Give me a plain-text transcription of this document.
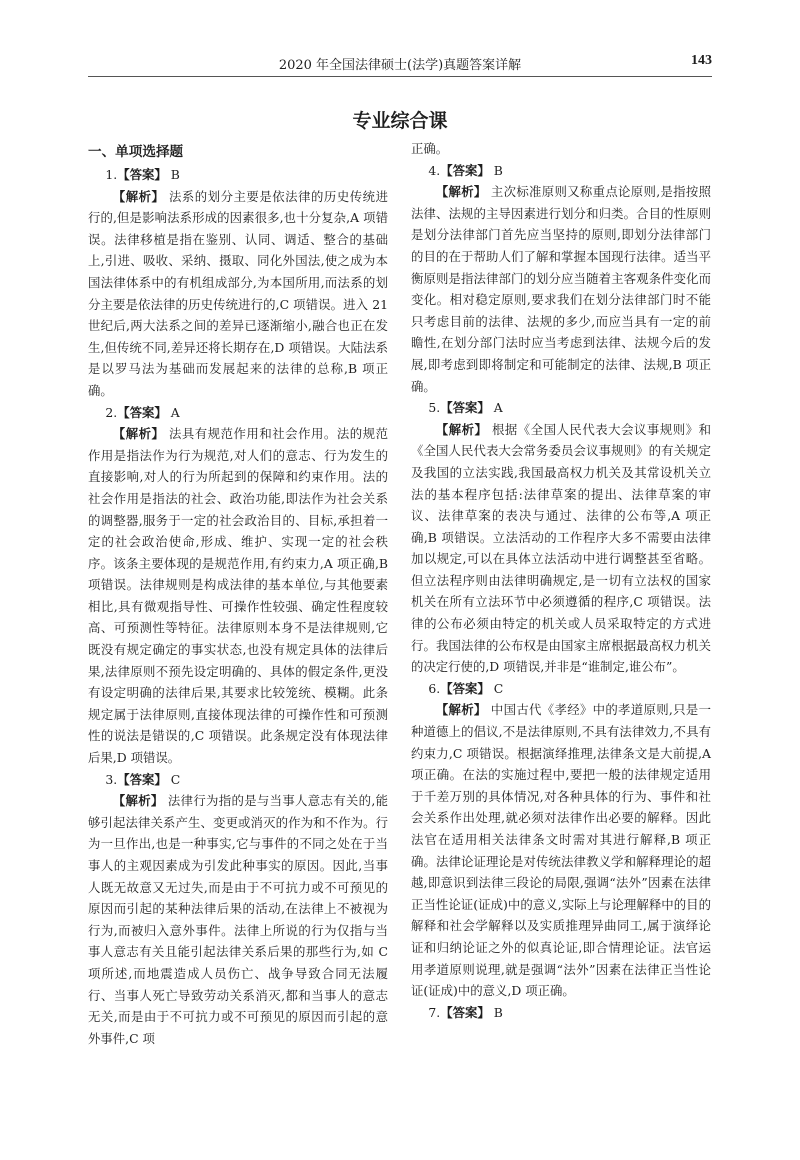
2020 年全国法律硕士(法学)真题答案详解	143
专业综合课
一、单项选择题

1.【答案】 B

【解析】 法系的划分主要是依法律的历史传统进行的,但是影响法系形成的因素很多,也十分复杂,A 项错误。法律移植是指在鉴别、认同、调适、整合的基础上,引进、吸收、采纳、摄取、同化外国法,使之成为本国法律体系中的有机组成部分,为本国所用,而法系的划分主要是依法律的历史传统进行的,C 项错误。进入 21 世纪后,两大法系之间的差异已逐渐缩小,融合也正在发生,但传统不同,差异还将长期存在,D 项错误。大陆法系是以罗马法为基础而发展起来的法律的总称,B 项正确。

2.【答案】 A

【解析】 法具有规范作用和社会作用。法的规范作用是指法作为行为规范,对人们的意志、行为发生的直接影响,对人的行为所起到的保障和约束作用。法的社会作用是指法的社会、政治功能,即法作为社会关系的调整器,服务于一定的社会政治目的、目标,承担着一定的社会政治使命,形成、维护、实现一定的社会秩序。该条主要体现的是规范作用,有约束力,A 项正确,B 项错误。法律规则是构成法律的基本单位,与其他要素相比,具有微观指导性、可操作性较强、确定性程度较高、可预测性等特征。法律原则本身不是法律规则,它既没有规定确定的事实状态,也没有规定具体的法律后果,法律原则不预先设定明确的、具体的假定条件,更没有设定明确的法律后果,其要求比较笼统、模糊。此条规定属于法律原则,直接体现法律的可操作性和可预测性的说法是错误的,C 项错误。此条规定没有体现法律后果,D 项错误。

3.【答案】 C

【解析】 法律行为指的是与当事人意志有关的,能够引起法律关系产生、变更或消灭的作为和不作为。行为一旦作出,也是一种事实,它与事件的不同之处在于当事人的主观因素成为引发此种事实的原因。因此,当事人既无故意又无过失,而是由于不可抗力或不可预见的原因而引起的某种法律后果的活动,在法律上不被视为行为,而被归入意外事件。法律上所说的行为仅指与当事人意志有关且能引起法律关系后果的那些行为,如 C 项所述,而地震造成人员伤亡、战争导致合同无法履行、当事人死亡导致劳动关系消灭,都和当事人的意志无关,而是由于不可抗力或不可预见的原因而引起的意外事件,C 项

正确。

4.【答案】 B

【解析】 主次标准原则又称重点论原则,是指按照法律、法规的主导因素进行划分和归类。合目的性原则是划分法律部门首先应当坚持的原则,即划分法律部门的目的在于帮助人们了解和掌握本国现行法律。适当平衡原则是指法律部门的划分应当随着主客观条件变化而变化。相对稳定原则,要求我们在划分法律部门时不能只考虑目前的法律、法规的多少,而应当具有一定的前瞻性,在划分部门法时应当考虑到法律、法规今后的发展,即考虑到即将制定和可能制定的法律、法规,B 项正确。

5.【答案】 A

【解析】 根据《全国人民代表大会议事规则》和《全国人民代表大会常务委员会议事规则》的有关规定及我国的立法实践,我国最高权力机关及其常设机关立法的基本程序包括:法律草案的提出、法律草案的审议、法律草案的表决与通过、法律的公布等,A 项正确,B 项错误。立法活动的工作程序大多不需要由法律加以规定,可以在具体立法活动中进行调整甚至省略。但立法程序则由法律明确规定,是一切有立法权的国家机关在所有立法环节中必须遵循的程序,C 项错误。法律的公布必须由特定的机关或人员采取特定的方式进行。我国法律的公布权是由国家主席根据最高权力机关的决定行使的,D 项错误,并非是“谁制定,谁公布”。

6.【答案】 C

【解析】 中国古代《孝经》中的孝道原则,只是一种道德上的倡议,不是法律原则,不具有法律效力,不具有约束力,C 项错误。根据演绎推理,法律条文是大前提,A 项正确。在法的实施过程中,要把一般的法律规定适用于千差万别的具体情况,对各种具体的行为、事件和社会关系作出处理,就必须对法律作出必要的解释。因此法官在适用相关法律条文时需对其进行解释,B 项正确。法律论证理论是对传统法律教义学和解释理论的超越,即意识到法律三段论的局限,强调“法外”因素在法律正当性论证(证成)中的意义,实际上与论理解释中的目的解释和社会学解释以及实质推理异曲同工,属于演绎论证和归纳论证之外的似真论证,即合情理论证。法官运用孝道原则说理,就是强调“法外”因素在法律正当性论证(证成)中的意义,D 项正确。

7.【答案】 B
